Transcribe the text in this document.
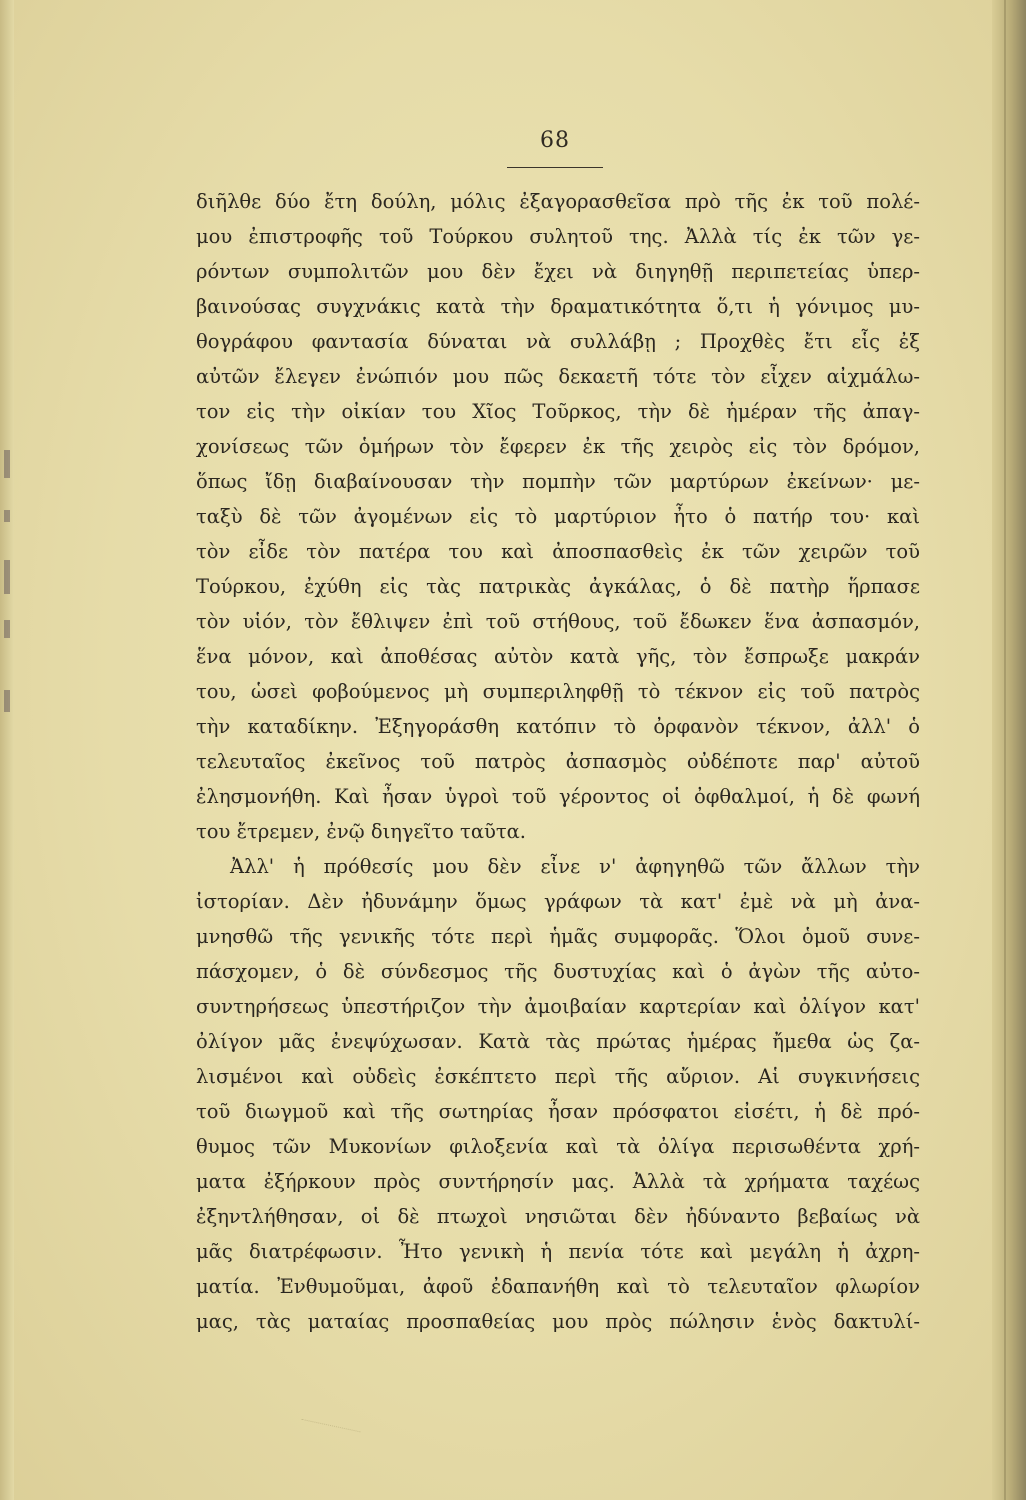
68
διῆλθε δύο ἔτη δούλη, μόλις ἐξαγορασθεῖσα πρὸ τῆς ἐκ τοῦ πολέ-
μου ἐπιστροφῆς τοῦ Τούρκου συλητοῦ της. Ἀλλὰ τίς ἐκ τῶν γε-
ρόντων συμπολιτῶν μου δὲν ἔχει νὰ διηγηθῇ περιπετείας ὑπερ-
βαινούσας συγχνάκις κατὰ τὴν δραματικότητα ὅ,τι ἡ γόνιμος μυ-
θογράφου φαντασία δύναται νὰ συλλάβῃ ; Προχθὲς ἔτι εἷς ἐξ
αὐτῶν ἔλεγεν ἐνώπιόν μου πῶς δεκαετῆ τότε τὸν εἶχεν αἰχμάλω-
τον εἰς τὴν οἰκίαν του Χῖος Τοῦρκος, τὴν δὲ ἡμέραν τῆς ἀπαγ-
χονίσεως τῶν ὁμήρων τὸν ἔφερεν ἐκ τῆς χειρὸς εἰς τὸν δρόμον,
ὅπως ἴδῃ διαβαίνουσαν τὴν πομπὴν τῶν μαρτύρων ἐκείνων· με-
ταξὺ δὲ τῶν ἀγομένων εἰς τὸ μαρτύριον ἦτο ὁ πατήρ του· καὶ
τὸν εἶδε τὸν πατέρα του καὶ ἀποσπασθεὶς ἐκ τῶν χειρῶν τοῦ
Τούρκου, ἐχύθη εἰς τὰς πατρικὰς ἀγκάλας, ὁ δὲ πατὴρ ἥρπασε
τὸν υἱόν, τὸν ἔθλιψεν ἐπὶ τοῦ στήθους, τοῦ ἔδωκεν ἕνα ἀσπασμόν,
ἕνα μόνον, καὶ ἀποθέσας αὐτὸν κατὰ γῆς, τὸν ἔσπρωξε μακράν
του, ὡσεὶ φοβούμενος μὴ συμπεριληφθῇ τὸ τέκνον εἰς τοῦ πατρὸς
τὴν καταδίκην. Ἐξηγοράσθη κατόπιν τὸ ὀρφανὸν τέκνον, ἀλλ' ὁ
τελευταῖος ἐκεῖνος τοῦ πατρὸς ἀσπασμὸς οὐδέποτε παρ' αὐτοῦ
ἐλησμονήθη. Καὶ ἦσαν ὑγροὶ τοῦ γέροντος οἱ ὀφθαλμοί, ἡ δὲ φωνή
του ἔτρεμεν, ἐνῷ διηγεῖτο ταῦτα.
Ἀλλ' ἡ πρόθεσίς μου δὲν εἶνε ν' ἀφηγηθῶ τῶν ἄλλων τὴν
ἱστορίαν. Δὲν ἠδυνάμην ὅμως γράφων τὰ κατ' ἐμὲ νὰ μὴ ἀνα-
μνησθῶ τῆς γενικῆς τότε περὶ ἡμᾶς συμφορᾶς. Ὅλοι ὁμοῦ συνε-
πάσχομεν, ὁ δὲ σύνδεσμος τῆς δυστυχίας καὶ ὁ ἀγὼν τῆς αὐτο-
συντηρήσεως ὑπεστήριζον τὴν ἀμοιβαίαν καρτερίαν καὶ ὀλίγον κατ'
ὀλίγον μᾶς ἐνεψύχωσαν. Κατὰ τὰς πρώτας ἡμέρας ἤμεθα ὡς ζα-
λισμένοι καὶ οὐδεὶς ἐσκέπτετο περὶ τῆς αὔριον. Αἱ συγκινήσεις
τοῦ διωγμοῦ καὶ τῆς σωτηρίας ἦσαν πρόσφατοι εἰσέτι, ἡ δὲ πρό-
θυμος τῶν Μυκονίων φιλοξενία καὶ τὰ ὀλίγα περισωθέντα χρή-
ματα ἐξήρκουν πρὸς συντήρησίν μας. Ἀλλὰ τὰ χρήματα ταχέως
ἐξηντλήθησαν, οἱ δὲ πτωχοὶ νησιῶται δὲν ἠδύναντο βεβαίως νὰ
μᾶς διατρέφωσιν. Ἦτο γενικὴ ἡ πενία τότε καὶ μεγάλη ἡ ἀχρη-
ματία. Ἐνθυμοῦμαι, ἀφοῦ ἐδαπανήθη καὶ τὸ τελευταῖον φλωρίον
μας, τὰς ματαίας προσπαθείας μου πρὸς πώλησιν ἑνὸς δακτυλί-
